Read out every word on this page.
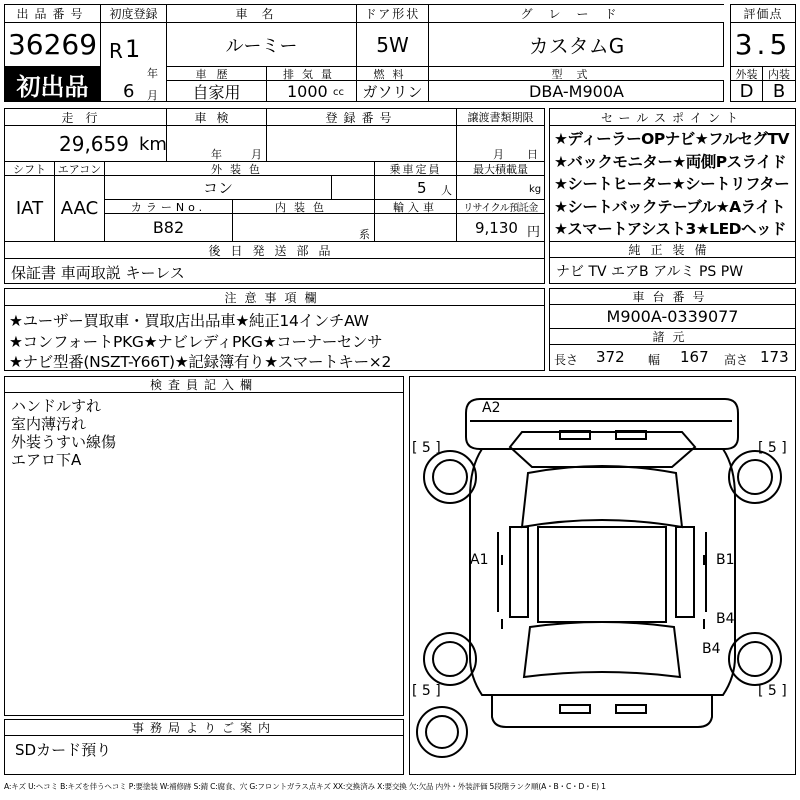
出品番号
36269
初出品
初度登録
R 1
年
6 月
車名
ルーミー
ドア形状
5W
グレード
カスタムG
車歴
自家用
排気量
1000 cc
燃料
ガソリン
型式
DBA-M900A
評価点
3.5
外装 内装
D	B
走行
29,659 km
車検
年	月
登録番号	譲渡書類期限
月 日
シフト
IAT
エアコン
AAC
外装色
コン
乗車定員
5 人
最大積載量
kg
カラーNo.
B82
内装色
系
輸入車	リサイクル預託金
9,130 円
後日発送部品
保証書 車両取説 キーレス
セールスポイント
★ディーラーOPナビ★フルセグTV
★バックモニター★両側Pスライド
★シートヒーター★シートリフター
★シートバックテーブル★Aライト
★スマートアシスト3★LEDヘッド
純正装備
ナビ TV エアB アルミ PS PW
注意事項欄
★ユーザー買取車・買取店出品車★純正14インチAW
★コンフォートPKG★ナビレディPKG★コーナーセンサ
★ナビ型番(NSZT-Y66T)★記録簿有り★スマートキー×2
車台番号
M900A-0339077
諸元
長さ 372 幅 167 高さ 173
検査員記入欄
ハンドルすれ
室内薄汚れ
外装うすい線傷
エアロ下A
事務局よりご案内
SDカード預り
A2
A1	B1
B4
B4
[ 5 ]	[ 5 ]
[ 5 ]	[ 5 ]
A:キズ U:ヘコミ B:キズを伴うヘコミ P:要塗装 W:補修跡 S:錆 C:腐食、穴 G:フロントガラス点キズ XX:交換済み X:要交換 欠:欠品 内外・外装評価 5段階ランク順(A・B・C・D・E) 1
